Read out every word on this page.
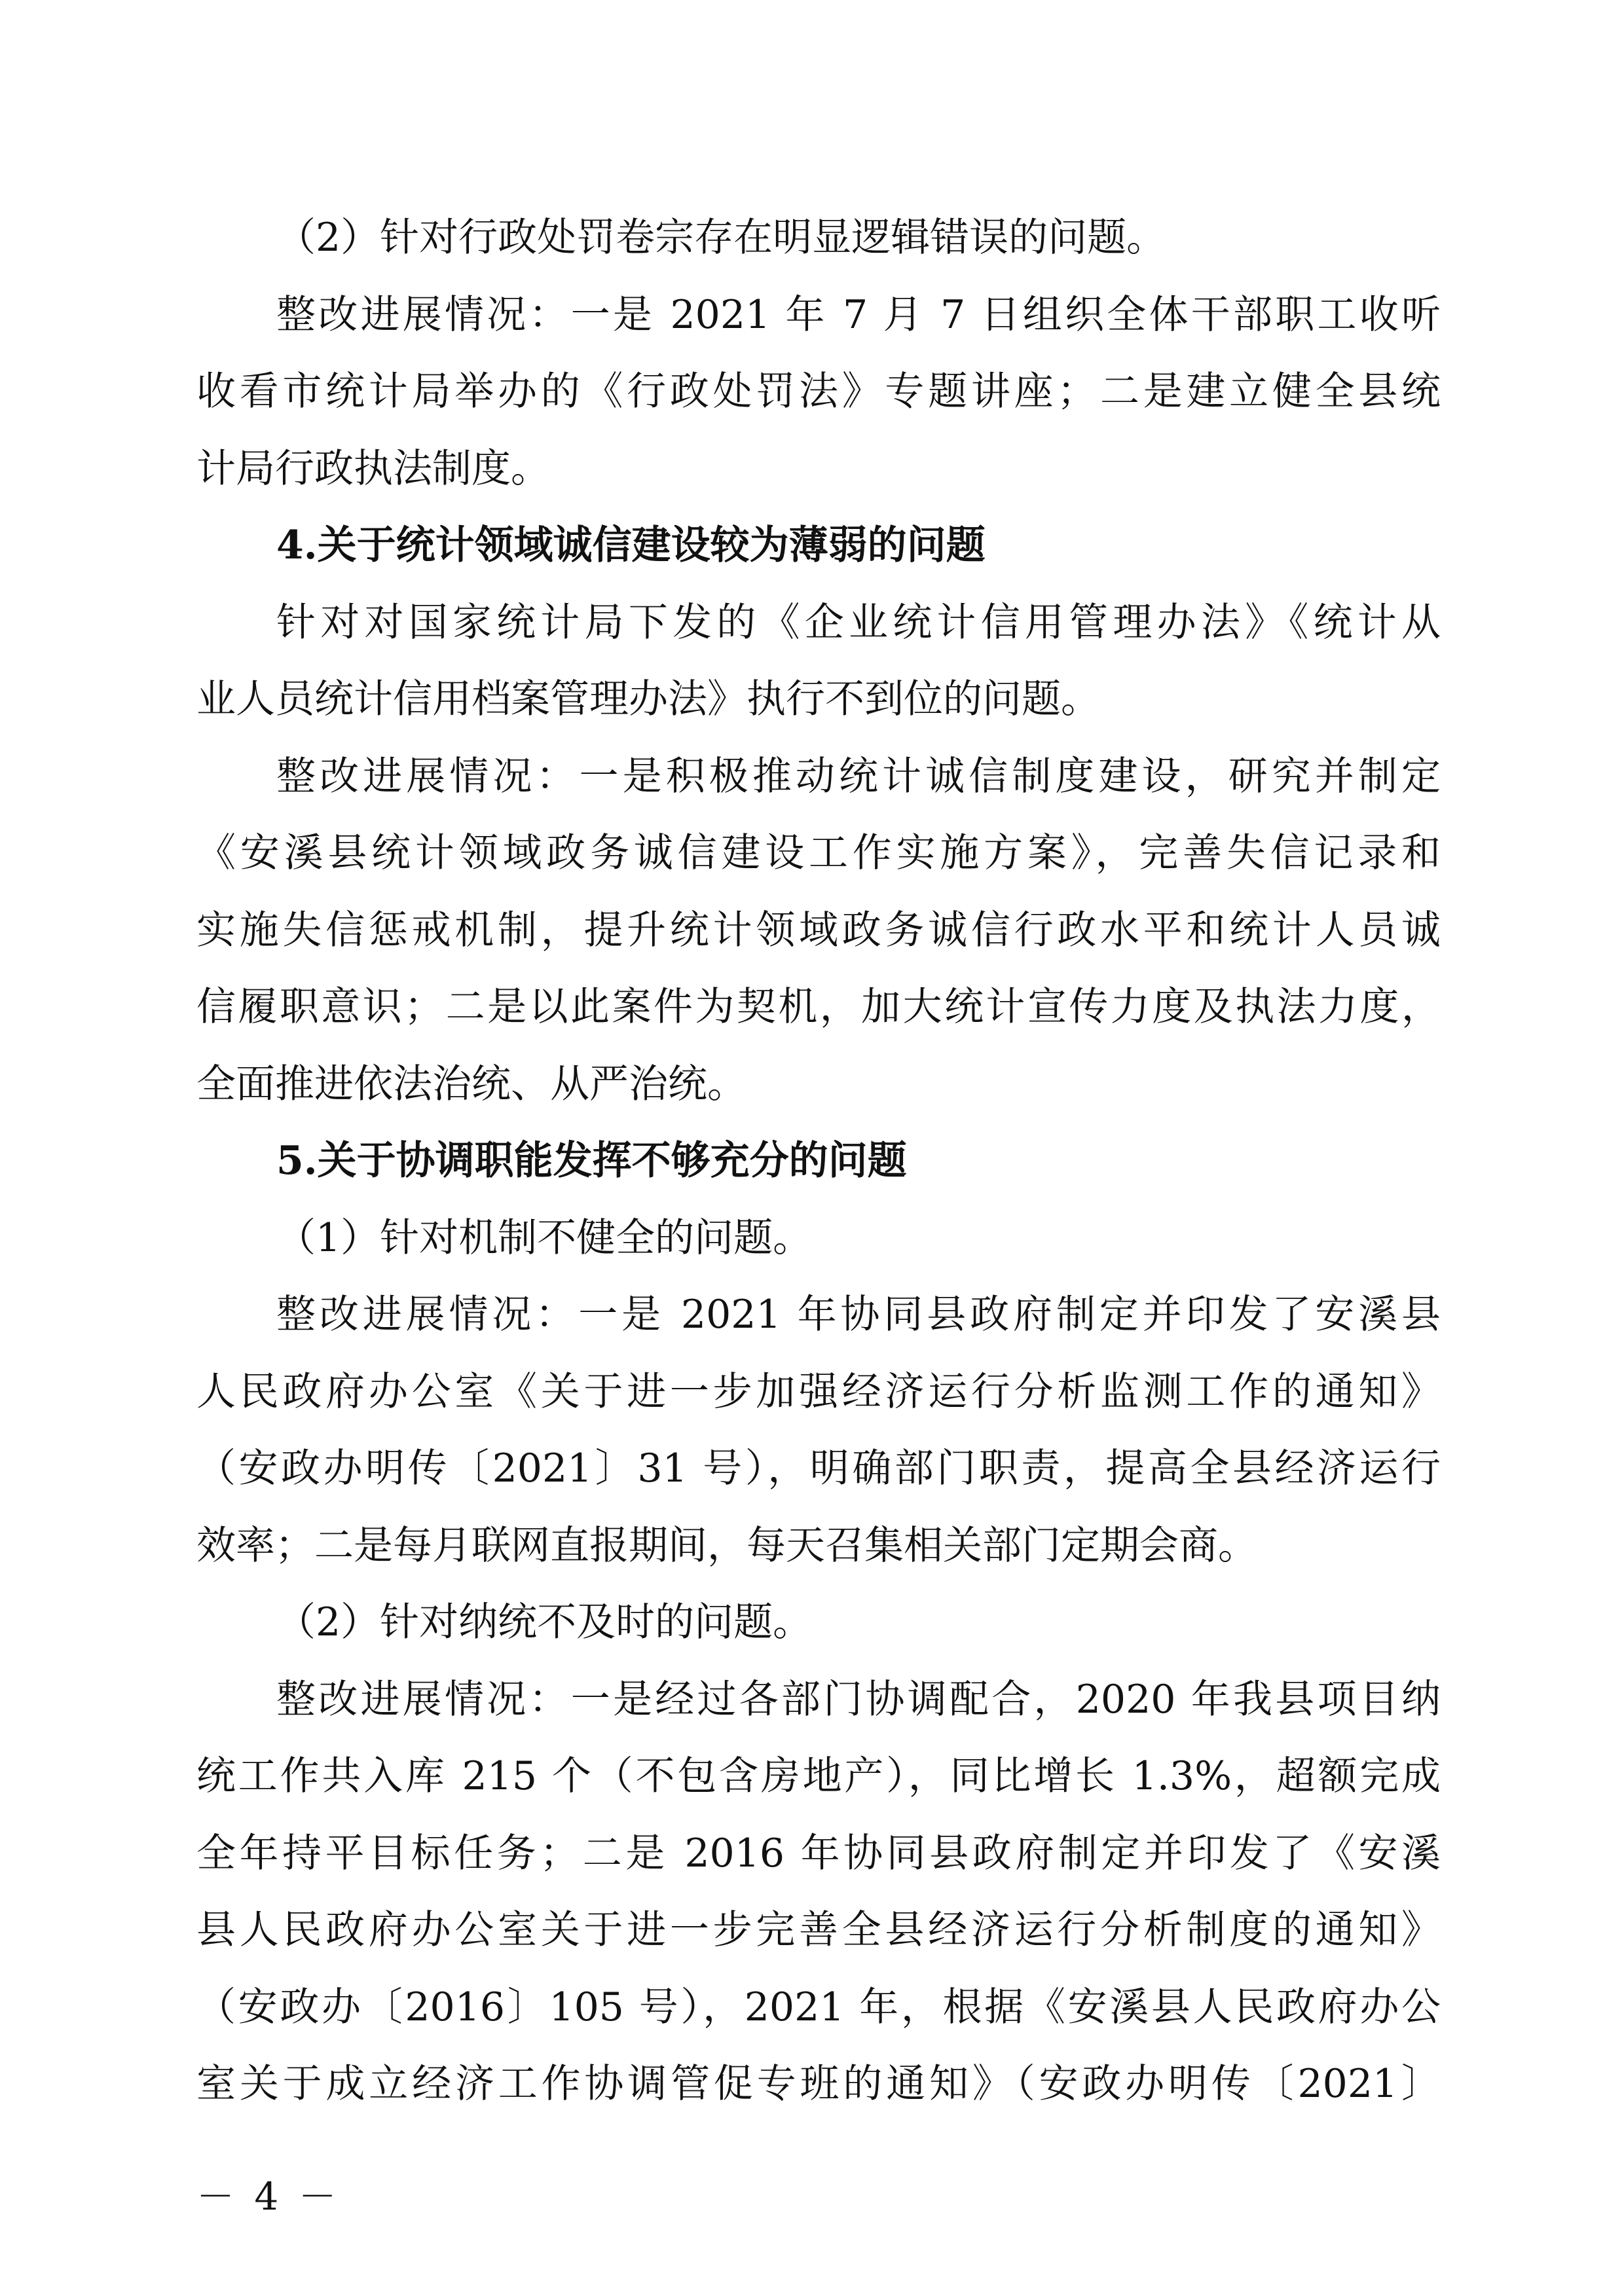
（2）针对行政处罚卷宗存在明显逻辑错误的问题。

整改进展情况：一是 2021 年 7 月 7 日组织全体干部职工收听

收看市统计局举办的《行政处罚法》专题讲座；二是建立健全县统

计局行政执法制度。

4.关于统计领域诚信建设较为薄弱的问题

针对对国家统计局下发的《企业统计信用管理办法》《统计从

业人员统计信用档案管理办法》执行不到位的问题。

整改进展情况：一是积极推动统计诚信制度建设，研究并制定

《安溪县统计领域政务诚信建设工作实施方案》，完善失信记录和

实施失信惩戒机制，提升统计领域政务诚信行政水平和统计人员诚

信履职意识；二是以此案件为契机，加大统计宣传力度及执法力度，

全面推进依法治统、从严治统。

5.关于协调职能发挥不够充分的问题

（1）针对机制不健全的问题。

整改进展情况：一是 2021 年协同县政府制定并印发了安溪县

人民政府办公室《关于进一步加强经济运行分析监测工作的通知》

（安政办明传〔2021〕31 号），明确部门职责，提高全县经济运行

效率；二是每月联网直报期间，每天召集相关部门定期会商。

（2）针对纳统不及时的问题。

整改进展情况：一是经过各部门协调配合，2020 年我县项目纳

统工作共入库 215 个（不包含房地产），同比增长 1.3%，超额完成

全年持平目标任务；二是 2016 年协同县政府制定并印发了《安溪

县人民政府办公室关于进一步完善全县经济运行分析制度的通知》

（安政办〔2016〕105 号），2021 年，根据《安溪县人民政府办公

室关于成立经济工作协调管促专班的通知》（安政办明传〔2021〕

－ 4 －
